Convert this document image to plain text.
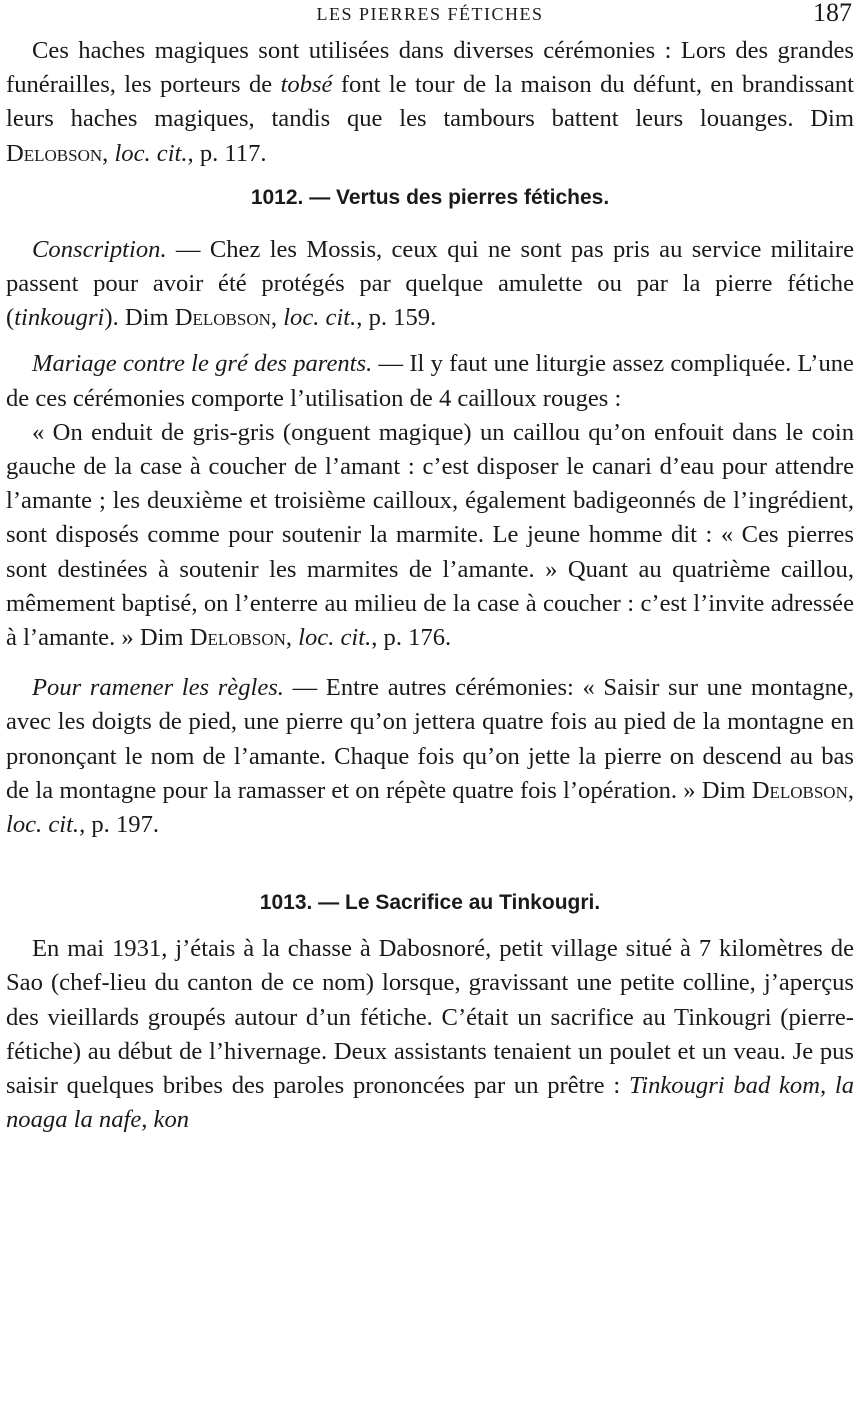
LES PIERRES FÉTICHES	187

Ces haches magiques sont utilisées dans diverses cérémonies : Lors des grandes funérailles, les porteurs de tobsé font le tour de la maison du défunt, en brandissant leurs haches magiques, tandis que les tambours battent leurs louanges. Dim Delobson, loc. cit., p. 117.

1012. — Vertus des pierres fétiches.

Conscription. — Chez les Mossis, ceux qui ne sont pas pris au service militaire passent pour avoir été protégés par quelque amulette ou par la pierre fétiche (tinkougri). Dim Delobson, loc. cit., p. 159.

Mariage contre le gré des parents. — Il y faut une liturgie assez compliquée. L’une de ces cérémonies comporte l’utilisation de 4 cailloux rouges :

« On enduit de gris-gris (onguent magique) un caillou qu’on enfouit dans le coin gauche de la case à coucher de l’amant : c’est disposer le canari d’eau pour attendre l’amante ; les deuxième et troisième cailloux, également badigeonnés de l’ingrédient, sont disposés comme pour soutenir la marmite. Le jeune homme dit : « Ces pierres sont destinées à soutenir les marmites de l’amante. » Quant au quatrième caillou, mêmement baptisé, on l’enterre au milieu de la case à coucher : c’est l’invite adressée à l’amante. » Dim Delobson, loc. cit., p. 176.

Pour ramener les règles. — Entre autres cérémonies: « Saisir sur une montagne, avec les doigts de pied, une pierre qu’on jettera quatre fois au pied de la montagne en prononçant le nom de l’amante. Chaque fois qu’on jette la pierre on descend au bas de la montagne pour la ramasser et on répète quatre fois l’opération. » Dim Delobson, loc. cit., p. 197.

1013. — Le Sacrifice au Tinkougri.

En mai 1931, j’étais à la chasse à Dabosnoré, petit village situé à 7 kilomètres de Sao (chef-lieu du canton de ce nom) lorsque, gravissant une petite colline, j’aperçus des vieillards groupés autour d’un fétiche. C’était un sacrifice au Tinkougri (pierre-fétiche) au début de l’hivernage. Deux assistants tenaient un poulet et un veau. Je pus saisir quelques bribes des paroles prononcées par un prêtre : Tinkougri bad kom, la noaga la nafe, kon
